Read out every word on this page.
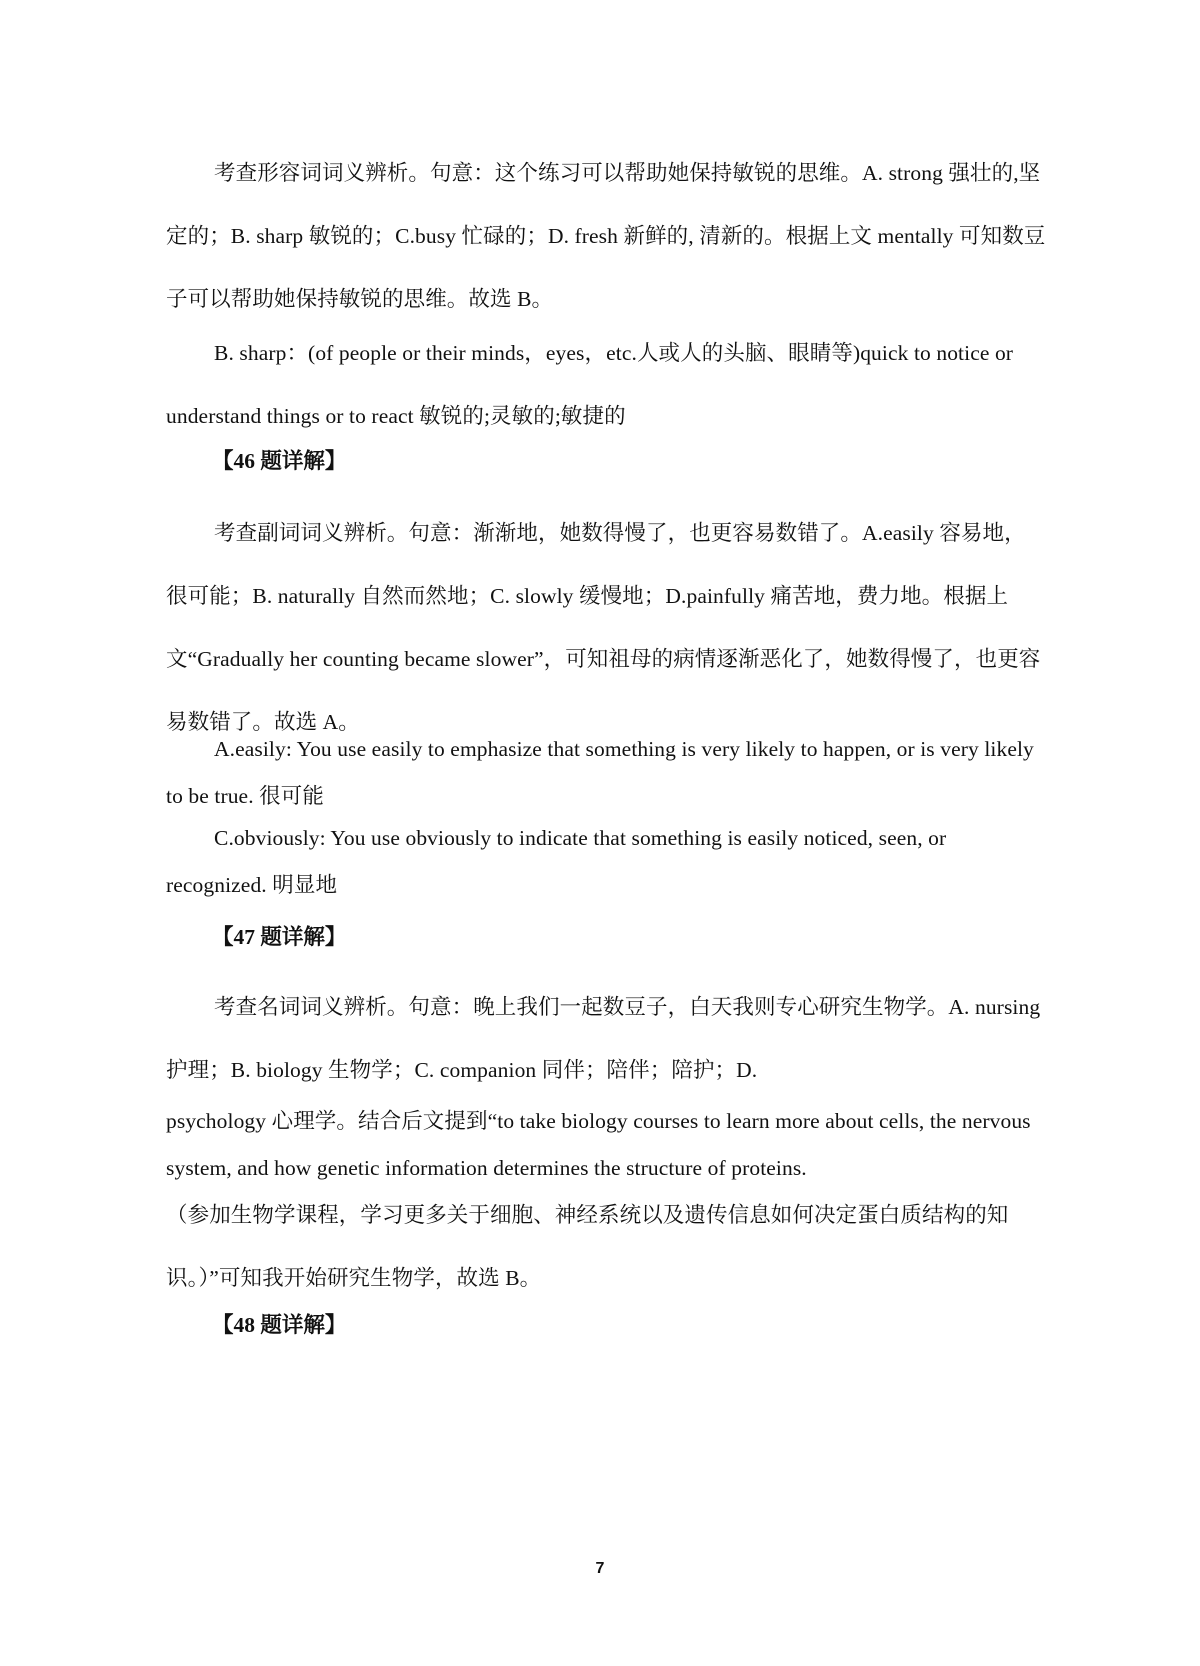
考查形容词词义辨析。句意：这个练习可以帮助她保持敏锐的思维。A. strong 强壮的,坚定的；B. sharp 敏锐的；C.busy 忙碌的；D. fresh 新鲜的, 清新的。根据上文 mentally 可知数豆子可以帮助她保持敏锐的思维。故选 B。

B. sharp：(of people or their minds，eyes，etc.人或人的头脑、眼睛等)quick to notice or understand things or to react 敏锐的;灵敏的;敏捷的

【46 题详解】

考查副词词义辨析。句意：渐渐地，她数得慢了，也更容易数错了。A.easily 容易地，很可能；B. naturally 自然而然地；C. slowly 缓慢地；D.painfully 痛苦地，费力地。根据上文“Gradually her counting became slower”，可知祖母的病情逐渐恶化了，她数得慢了，也更容易数错了。故选 A。

A.easily: You use easily to emphasize that something is very likely to happen, or is very likely to be true. 很可能

C.obviously: You use obviously to indicate that something is easily noticed, seen, or recognized. 明显地

【47 题详解】

考查名词词义辨析。句意：晚上我们一起数豆子，白天我则专心研究生物学。A. nursing 护理；B. biology 生物学；C. companion 同伴；陪伴；陪护；D.

psychology 心理学。结合后文提到“to take biology courses to learn more about cells, the nervous system, and how genetic information determines the structure of proteins.

（参加生物学课程，学习更多关于细胞、神经系统以及遗传信息如何决定蛋白质结构的知识。）”可知我开始研究生物学，故选 B。

【48 题详解】

7
